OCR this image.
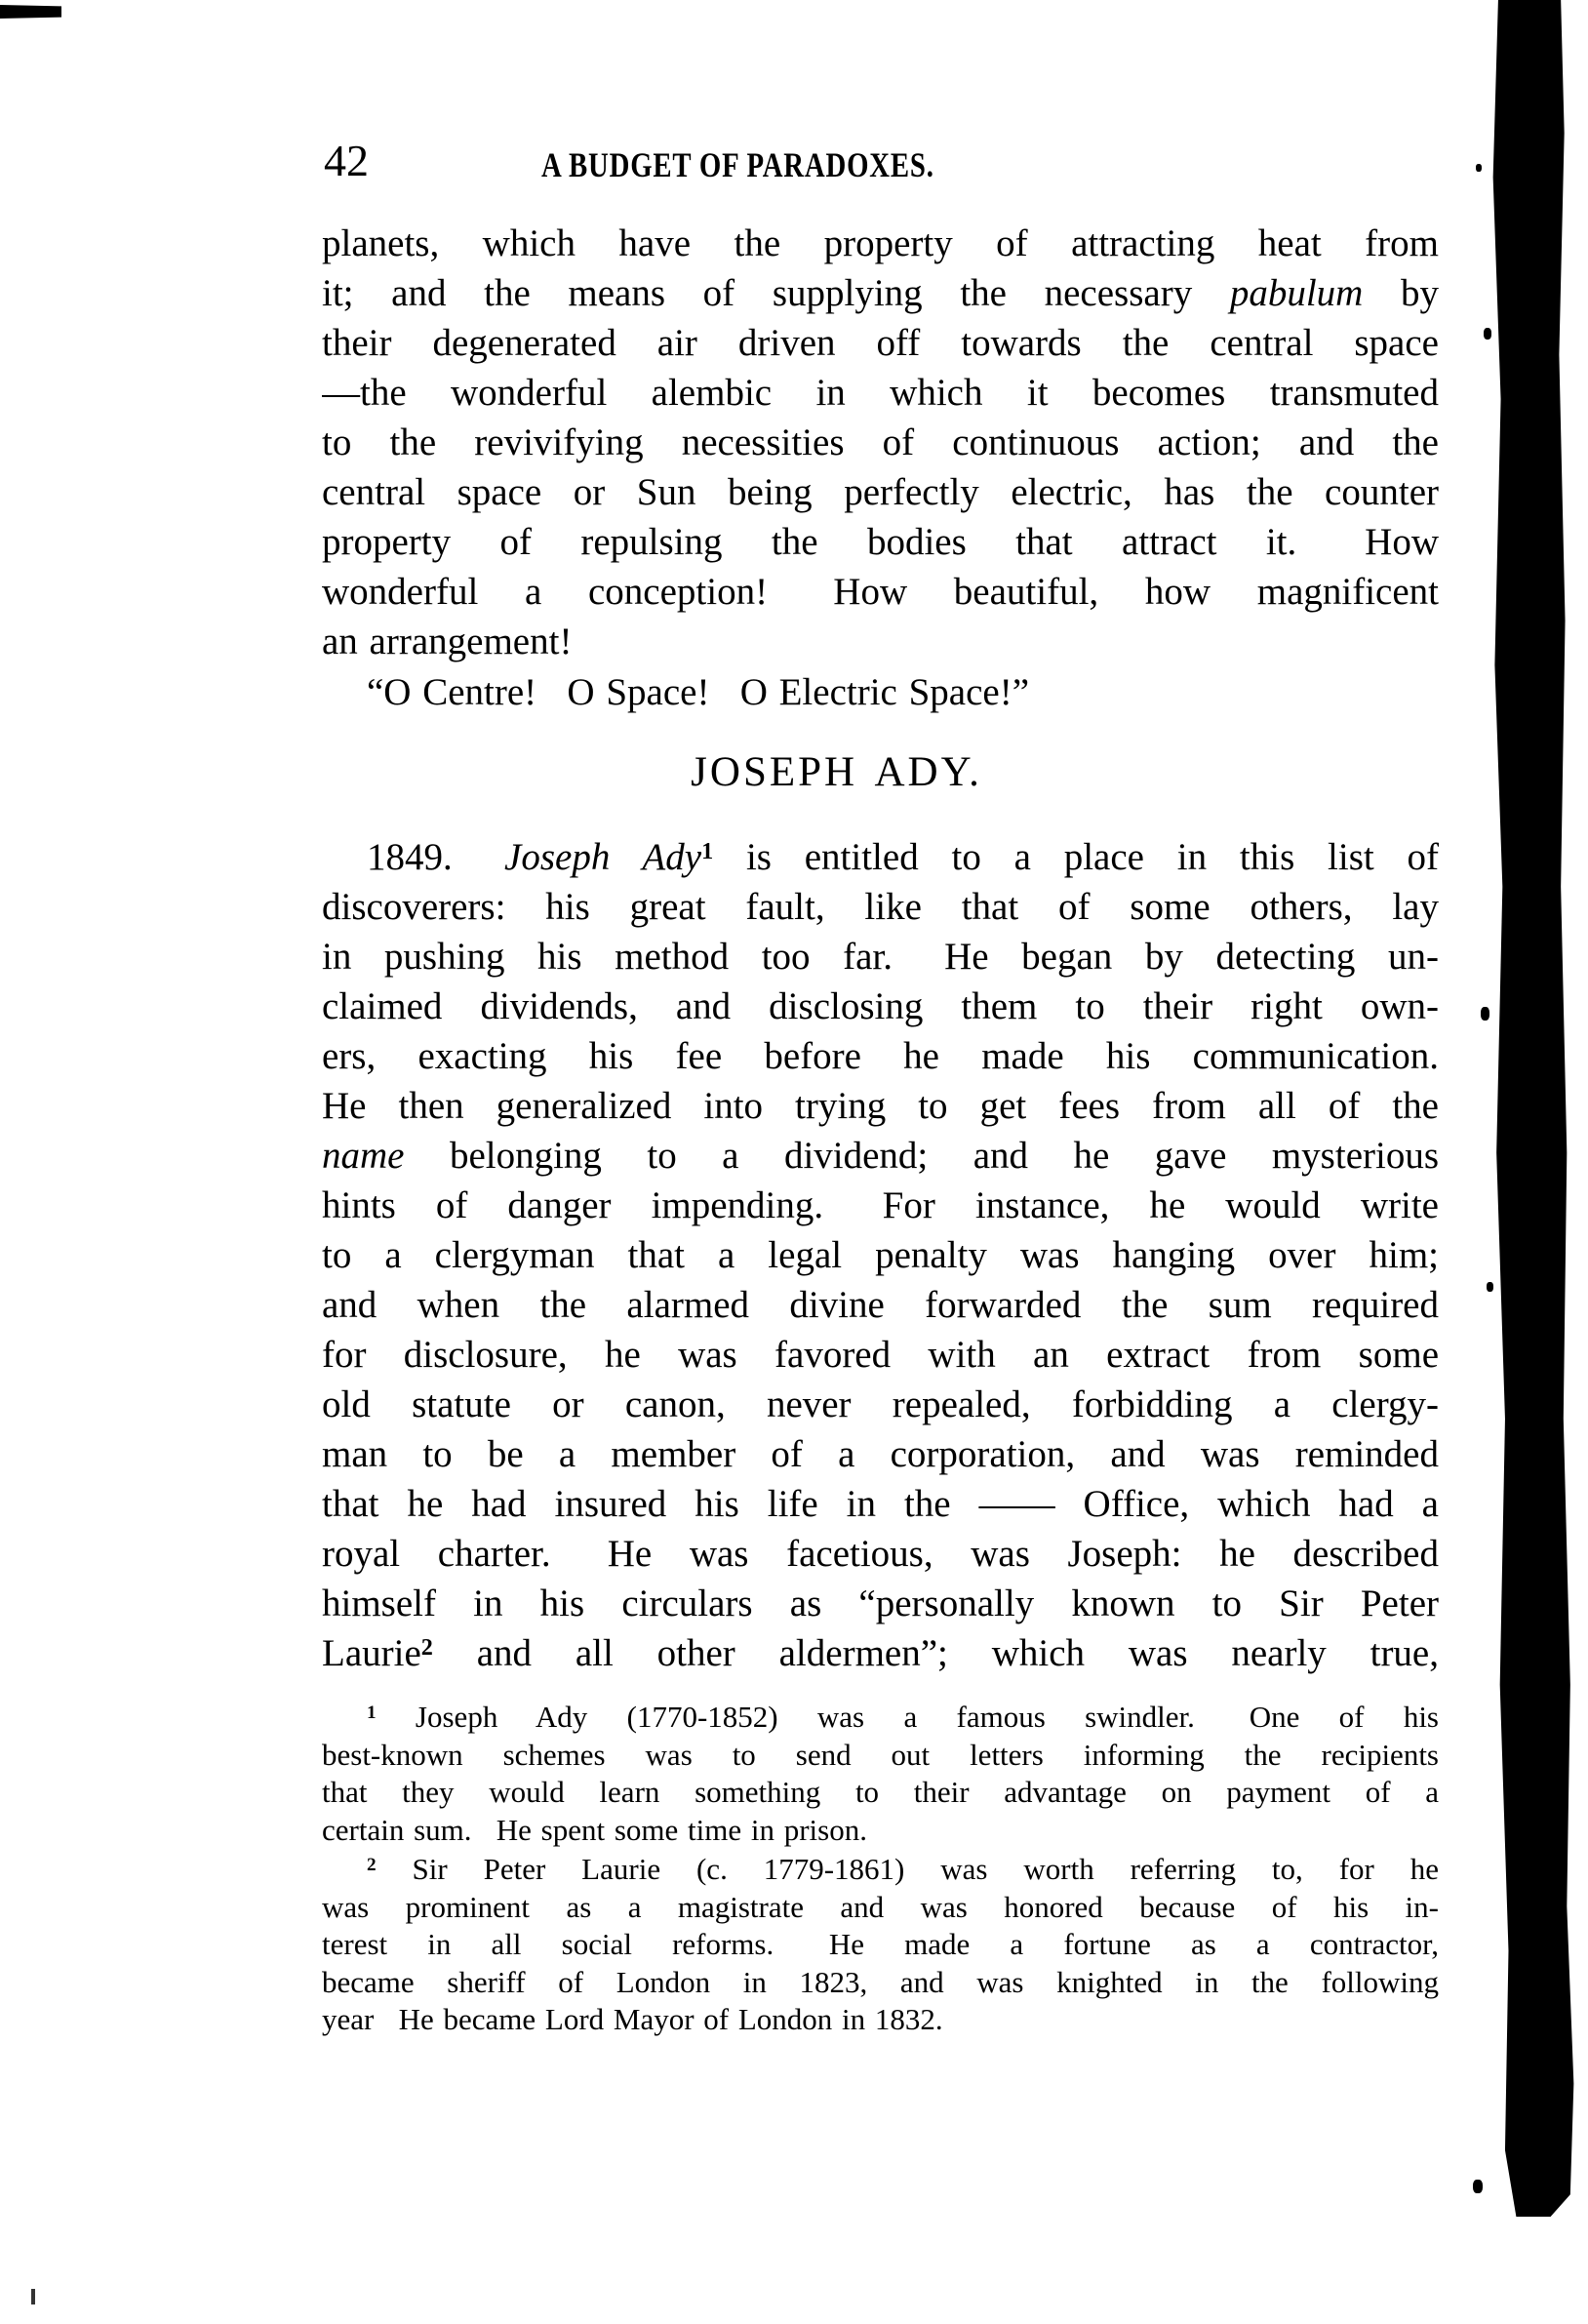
42	A BUDGET OF PARADOXES.
planets, which have the property of attracting heat from
it; and the means of supplying the necessary pabulum by
their degenerated air driven off towards the central space
—the wonderful alembic in which it becomes transmuted
to the revivifying necessities of continuous action; and the
central space or Sun being perfectly electric, has the counter
property of repulsing the bodies that attract it.  How
wonderful a conception!  How beautiful, how magnificent
an arrangement!
“O Centre!  O Space!  O Electric Space!”
JOSEPH ADY.
1849.  Joseph Ady$^1$ is entitled to a place in this list of
discoverers: his great fault, like that of some others, lay
in pushing his method too far.  He began by detecting un-
claimed dividends, and disclosing them to their right own-
ers, exacting his fee before he made his communication.
He then generalized into trying to get fees from all of the
name belonging to a dividend; and he gave mysterious
hints of danger impending.  For instance, he would write
to a clergyman that a legal penalty was hanging over him;
and when the alarmed divine forwarded the sum required
for disclosure, he was favored with an extract from some
old statute or canon, never repealed, forbidding a clergy-
man to be a member of a corporation, and was reminded
that he had insured his life in the —— Office, which had a
royal charter.  He was facetious, was Joseph: he described
himself in his circulars as “personally known to Sir Peter
Laurie$^2$ and all other aldermen”; which was nearly true,
$^1$ Joseph Ady (1770-1852) was a famous swindler.  One of his
best-known schemes was to send out letters informing the recipients
that they would learn something to their advantage on payment of a
certain sum.  He spent some time in prison.
$^2$ Sir Peter Laurie (c. 1779-1861) was worth referring to, for he
was prominent as a magistrate and was honored because of his in-
terest in all social reforms.  He made a fortune as a contractor,
became sheriff of London in 1823, and was knighted in the following
year  He became Lord Mayor of London in 1832.
